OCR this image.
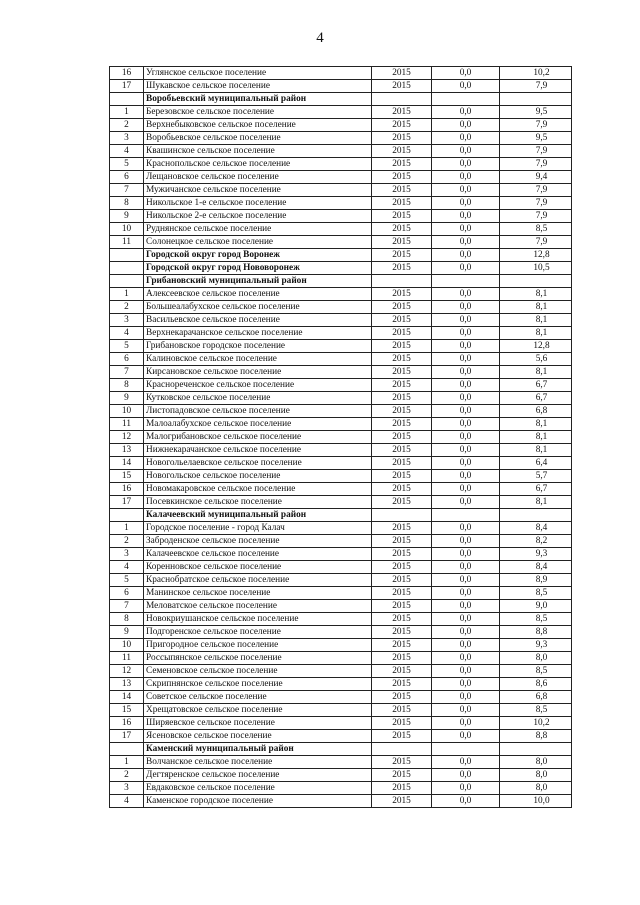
4
16	Углянское сельское поселение	2015	0,0	10,2
17	Шукавское сельское поселение	2015	0,0	7,9
	Воробьевский муниципальный район			
1	Березовское сельское поселение	2015	0,0	9,5
2	Верхнебыковское сельское поселение	2015	0,0	7,9
3	Воробьевское сельское поселение	2015	0,0	9,5
4	Квашинское сельское поселение	2015	0,0	7,9
5	Краснопольское сельское поселение	2015	0,0	7,9
6	Лещановское сельское поселение	2015	0,0	9,4
7	Мужичанское сельское поселение	2015	0,0	7,9
8	Никольское 1-е сельское поселение	2015	0,0	7,9
9	Никольское 2-е сельское поселение	2015	0,0	7,9
10	Руднянское сельское поселение	2015	0,0	8,5
11	Солонецкое сельское поселение	2015	0,0	7,9
	Городской округ город Воронеж	2015	0,0	12,8
	Городской округ город Нововоронеж	2015	0,0	10,5
	Грибановский муниципальный район			
1	Алексеевское сельское поселение	2015	0,0	8,1
2	Большеалабухское сельское поселение	2015	0,0	8,1
3	Васильевское сельское поселение	2015	0,0	8,1
4	Верхнекарачанское сельское поселение	2015	0,0	8,1
5	Грибановское городское поселение	2015	0,0	12,8
6	Калиновское сельское поселение	2015	0,0	5,6
7	Кирсановское сельское поселение	2015	0,0	8,1
8	Краснореченское сельское поселение	2015	0,0	6,7
9	Кутковское сельское поселение	2015	0,0	6,7
10	Листопадовское сельское поселение	2015	0,0	6,8
11	Малоалабухское сельское поселение	2015	0,0	8,1
12	Малогрибановское сельское поселение	2015	0,0	8,1
13	Нижнекарачанское сельское поселение	2015	0,0	8,1
14	Новогольелаевское сельское поселение	2015	0,0	6,4
15	Новогольское сельское поселение	2015	0,0	5,7
16	Новомакаровское сельское поселение	2015	0,0	6,7
17	Посевкинское сельское поселение	2015	0,0	8,1
	Калачеевский муниципальный район			
1	Городское поселение - город Калач	2015	0,0	8,4
2	Заброденское сельское поселение	2015	0,0	8,2
3	Калачеевское сельское поселение	2015	0,0	9,3
4	Коренновское сельское поселение	2015	0,0	8,4
5	Краснобратское сельское поселение	2015	0,0	8,9
6	Манинское сельское поселение	2015	0,0	8,5
7	Меловатское сельское поселение	2015	0,0	9,0
8	Новокриушанское сельское поселение	2015	0,0	8,5
9	Подгоренское сельское поселение	2015	0,0	8,8
10	Пригородное сельское поселение	2015	0,0	9,3
11	Россыпянское сельское поселение	2015	0,0	8,0
12	Семеновское сельское поселение	2015	0,0	8,5
13	Скрипнянское сельское поселение	2015	0,0	8,6
14	Советское сельское поселение	2015	0,0	6,8
15	Хрещатовское сельское поселение	2015	0,0	8,5
16	Ширяевское сельское поселение	2015	0,0	10,2
17	Ясеновское сельское поселение	2015	0,0	8,8
	Каменский муниципальный район			
1	Волчанское сельское поселение	2015	0,0	8,0
2	Дегтяренское сельское поселение	2015	0,0	8,0
3	Евдаковское сельское поселение	2015	0,0	8,0
4	Каменское городское поселение	2015	0,0	10,0
